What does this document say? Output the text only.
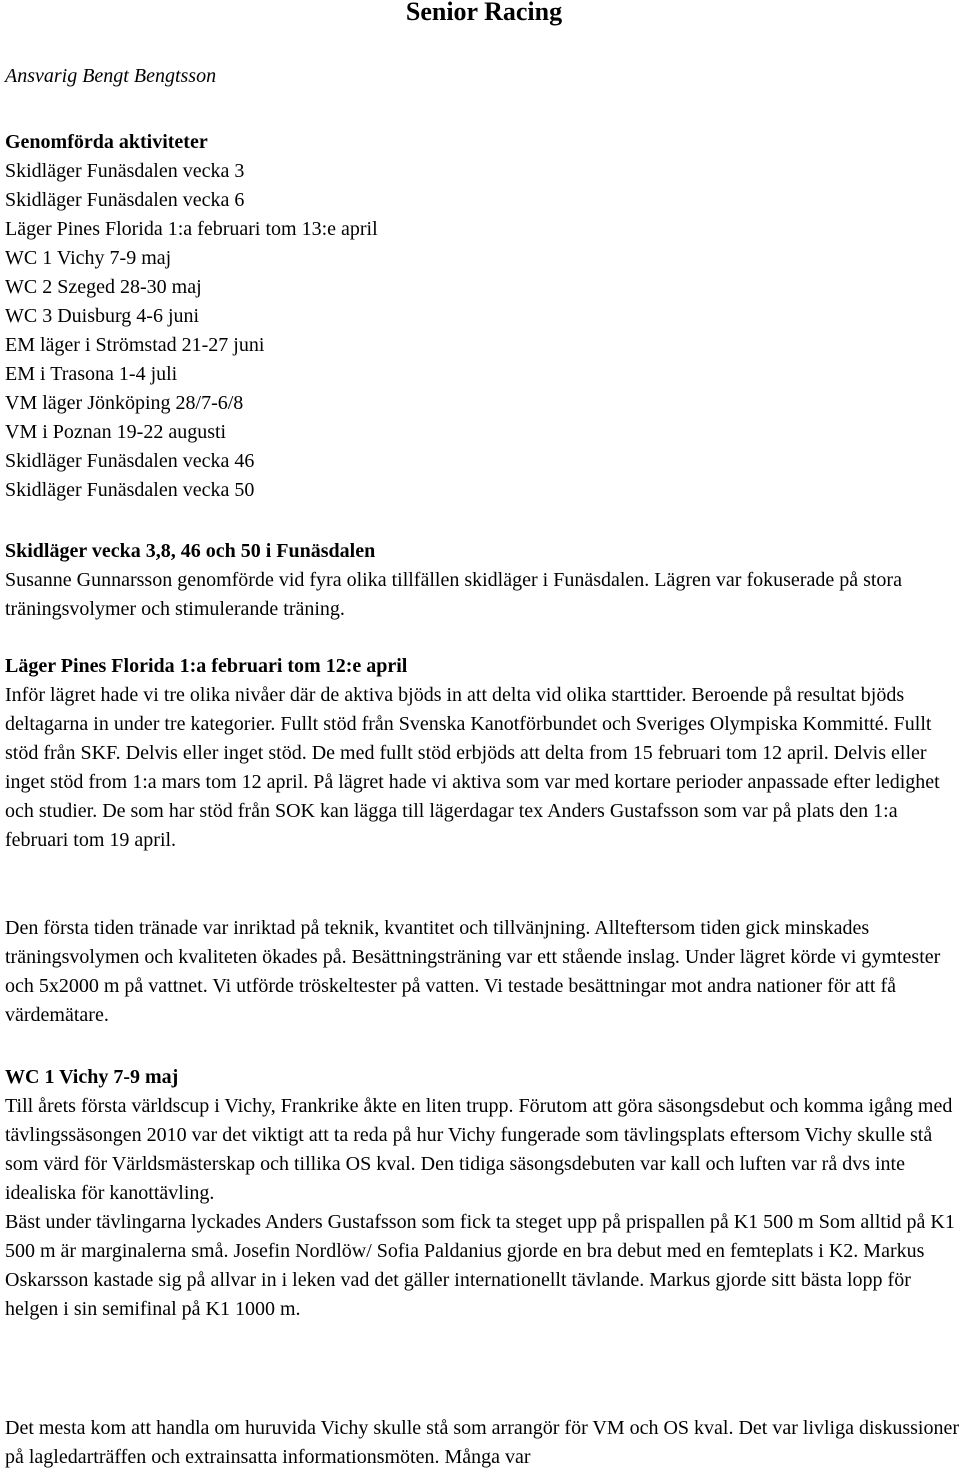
Senior Racing
Ansvarig Bengt Bengtsson
Genomförda aktiviteter
Skidläger Funäsdalen vecka 3
Skidläger Funäsdalen vecka 6
Läger Pines Florida 1:a februari tom 13:e april
WC 1 Vichy 7-9 maj
WC 2 Szeged 28-30 maj
WC 3 Duisburg 4-6 juni
EM läger i Strömstad 21-27 juni
EM i Trasona 1-4 juli
VM läger Jönköping 28/7-6/8
VM i Poznan 19-22 augusti
Skidläger Funäsdalen vecka 46
Skidläger Funäsdalen vecka 50
Skidläger vecka 3,8, 46 och 50 i Funäsdalen

Susanne Gunnarsson genomförde vid fyra olika tillfällen skidläger i Funäsdalen. Lägren var fokuserade på stora träningsvolymer och stimulerande träning.

Läger Pines Florida 1:a februari tom 12:e april

Inför lägret hade vi tre olika nivåer där de aktiva bjöds in att delta vid olika starttider. Beroende på resultat bjöds deltagarna in under tre kategorier. Fullt stöd från Svenska Kanotförbundet och Sveriges Olympiska Kommitté. Fullt stöd från SKF. Delvis eller inget stöd. De med fullt stöd erbjöds att delta from 15 februari tom 12 april. Delvis eller inget stöd from 1:a mars tom 12 april. På lägret hade vi aktiva som var med kortare perioder anpassade efter ledighet och studier. De som har stöd från SOK kan lägga till lägerdagar tex Anders Gustafsson som var på plats den 1:a februari tom 19 april.

Den första tiden tränade var inriktad på teknik, kvantitet och tillvänjning. Allteftersom tiden gick minskades träningsvolymen och kvaliteten ökades på. Besättningsträning var ett stående inslag. Under lägret körde vi gymtester och 5x2000 m på vattnet. Vi utförde tröskeltester på vatten. Vi testade besättningar mot andra nationer för att få värdemätare.

WC 1 Vichy 7-9 maj

Till årets första världscup i Vichy, Frankrike åkte en liten trupp. Förutom att göra säsongsdebut och komma igång med tävlingssäsongen 2010 var det viktigt att ta reda på hur Vichy fungerade som tävlingsplats eftersom Vichy skulle stå som värd för Världsmästerskap och tillika OS kval. Den tidiga säsongsdebuten var kall och luften var rå dvs inte idealiska för kanottävling.

Bäst under tävlingarna lyckades Anders Gustafsson som fick ta steget upp på prispallen på K1 500 m Som alltid på K1 500 m är marginalerna små. Josefin Nordlöw/ Sofia Paldanius gjorde en bra debut med en femteplats i K2. Markus Oskarsson kastade sig på allvar in i leken vad det gäller internationellt tävlande. Markus gjorde sitt bästa lopp för helgen i sin semifinal på K1 1000 m.

Det mesta kom att handla om huruvida Vichy skulle stå som arrangör för VM och OS kval. Det var livliga diskussioner på lagledarträffen och extrainsatta informationsmöten. Många var
